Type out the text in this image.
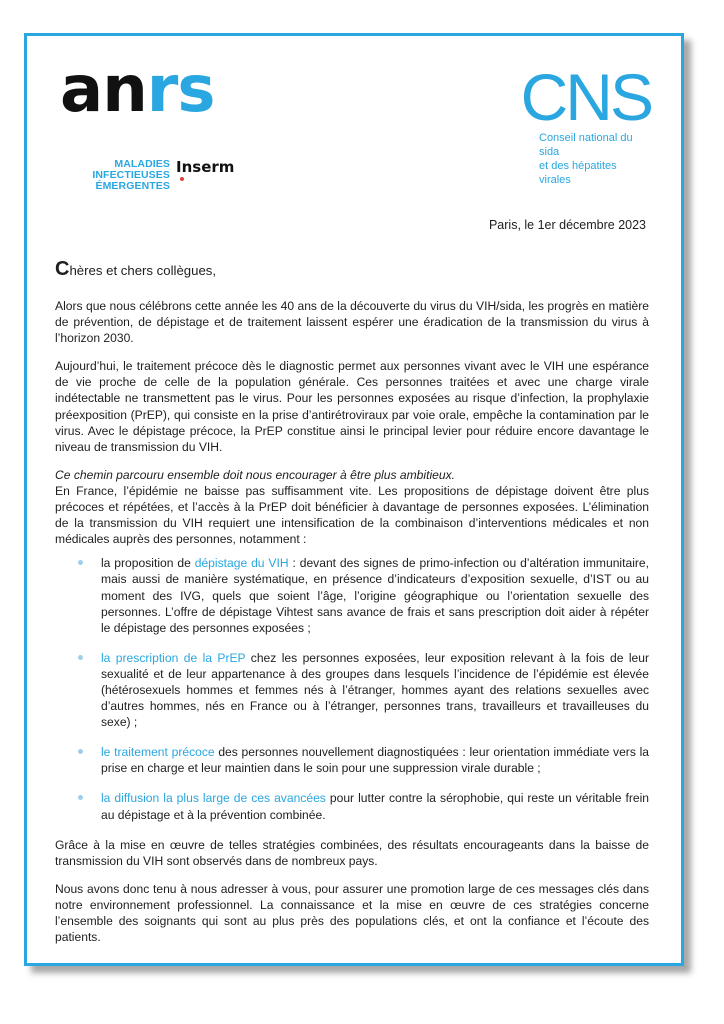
anrs
MALADIES INFECTIEUSES
ÉMERGENTES
Inserm
CNS
Conseil national du sida
et des hépatites virales
Paris, le 1er décembre 2023
Chères et chers collègues,

Alors que nous célébrons cette année les 40 ans de la découverte du virus du VIH/sida, les progrès en matière de prévention, de dépistage et de traitement laissent espérer une éradication de la transmission du virus à l’horizon 2030.

Aujourd’hui, le traitement précoce dès le diagnostic permet aux personnes vivant avec le VIH une espérance de vie proche de celle de la population générale. Ces personnes traitées et avec une charge virale indétectable ne transmettent pas le virus. Pour les personnes exposées au risque d’infection, la prophylaxie préexposition (PrEP), qui consiste en la prise d’antirétroviraux par voie orale, empêche la contamination par le virus. Avec le dépistage précoce, la PrEP constitue ainsi le principal levier pour réduire encore davantage le niveau de transmission du VIH.

Ce chemin parcouru ensemble doit nous encourager à être plus ambitieux.

En France, l’épidémie ne baisse pas suffisamment vite. Les propositions de dépistage doivent être plus précoces et répétées, et l’accès à la PrEP doit bénéficier à davantage de personnes exposées. L’élimination de la transmission du VIH requiert une intensification de la combinaison d’interventions médicales et non médicales auprès des personnes, notamment :

la proposition de dépistage du VIH : devant des signes de primo-infection ou d’altération immunitaire, mais aussi de manière systématique, en présence d’indicateurs d’exposition sexuelle, d’IST ou au moment des IVG, quels que soient l’âge, l’origine géographique ou l’orientation sexuelle des personnes. L’offre de dépistage Vihtest sans avance de frais et sans prescription doit aider à répéter le dépistage des personnes exposées ;
la prescription de la PrEP chez les personnes exposées, leur exposition relevant à la fois de leur sexualité et de leur appartenance à des groupes dans lesquels l’incidence de l’épidémie est élevée (hétérosexuels hommes et femmes nés à l’étranger, hommes ayant des relations sexuelles avec d’autres hommes, nés en France ou à l’étranger, personnes trans, travailleurs et travailleuses du sexe) ;
le traitement précoce des personnes nouvellement diagnostiquées : leur orientation immédiate vers la prise en charge et leur maintien dans le soin pour une suppression virale durable ;
la diffusion la plus large de ces avancées pour lutter contre la sérophobie, qui reste un véritable frein au dépistage et à la prévention combinée.

Grâce à la mise en œuvre de telles stratégies combinées, des résultats encourageants dans la baisse de transmission du VIH sont observés dans de nombreux pays.

Nous avons donc tenu à nous adresser à vous, pour assurer une promotion large de ces messages clés dans notre environnement professionnel. La connaissance et la mise en œuvre de ces stratégies concerne l’ensemble des soignants qui sont au plus près des populations clés, et ont la confiance et l’écoute des patients.
